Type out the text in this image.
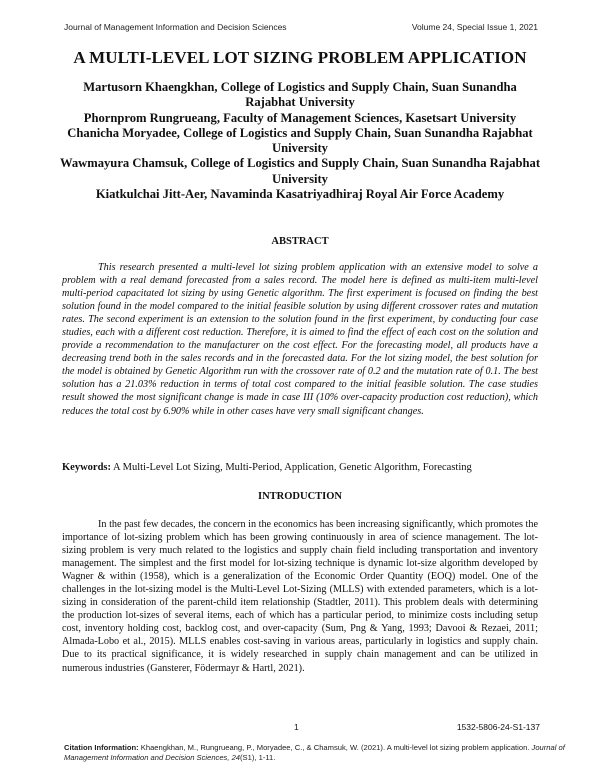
Journal of Management Information and Decision Sciences	Volume 24, Special Issue 1, 2021
A MULTI-LEVEL LOT SIZING PROBLEM APPLICATION
Martusorn Khaengkhan, College of Logistics and Supply Chain, Suan Sunandha Rajabhat University
Phornprom Rungrueang, Faculty of Management Sciences, Kasetsart University
Chanicha Moryadee, College of Logistics and Supply Chain, Suan Sunandha Rajabhat University
Wawmayura Chamsuk, College of Logistics and Supply Chain, Suan Sunandha Rajabhat University
Kiatkulchai Jitt-Aer, Navaminda Kasatriyadhiraj Royal Air Force Academy
ABSTRACT

This research presented a multi-level lot sizing problem application with an extensive model to solve a problem with a real demand forecasted from a sales record. The model here is defined as multi-item multi-level multi-period capacitated lot sizing by using Genetic algorithm. The first experiment is focused on finding the best solution found in the model compared to the initial feasible solution by using different crossover rates and mutation rates. The second experiment is an extension to the solution found in the first experiment, by conducting four case studies, each with a different cost reduction. Therefore, it is aimed to find the effect of each cost on the solution and provide a recommendation to the manufacturer on the cost effect. For the forecasting model, all products have a decreasing trend both in the sales records and in the forecasted data. For the lot sizing model, the best solution for the model is obtained by Genetic Algorithm run with the crossover rate of 0.2 and the mutation rate of 0.1. The best solution has a 21.03% reduction in terms of total cost compared to the initial feasible solution. The case studies result showed the most significant change is made in case III (10% over-capacity production cost reduction), which reduces the total cost by 6.90% while in other cases have very small significant changes.

Keywords: A Multi-Level Lot Sizing, Multi-Period, Application, Genetic Algorithm, Forecasting

INTRODUCTION

In the past few decades, the concern in the economics has been increasing significantly, which promotes the importance of lot-sizing problem which has been growing continuously in area of science management. The lot-sizing problem is very much related to the logistics and supply chain field including transportation and inventory management. The simplest and the first model for lot-sizing technique is dynamic lot-size algorithm developed by Wagner & within (1958), which is a generalization of the Economic Order Quantity (EOQ) model. One of the challenges in the lot-sizing model is the Multi-Level Lot-Sizing (MLLS) with extended parameters, which is a lot-sizing in consideration of the parent-child item relationship (Stadtler, 2011). This problem deals with determining the production lot-sizes of several items, each of which has a particular period, to minimize costs including setup cost, inventory holding cost, backlog cost, and over-capacity (Sum, Png & Yang, 1993; Davooi & Rezaei, 2011; Almada-Lobo et al., 2015). MLLS enables cost-saving in various areas, particularly in logistics and supply chain. Due to its practical significance, it is widely researched in supply chain management and can be utilized in numerous industries (Gansterer, Födermayr & Hartl, 2021).

1	1532-5806-24-S1-137

Citation Information: Khaengkhan, M., Rungrueang, P., Moryadee, C., & Chamsuk, W. (2021). A multi-level lot sizing problem application. Journal of Management Information and Decision Sciences, 24(S1), 1-11.
